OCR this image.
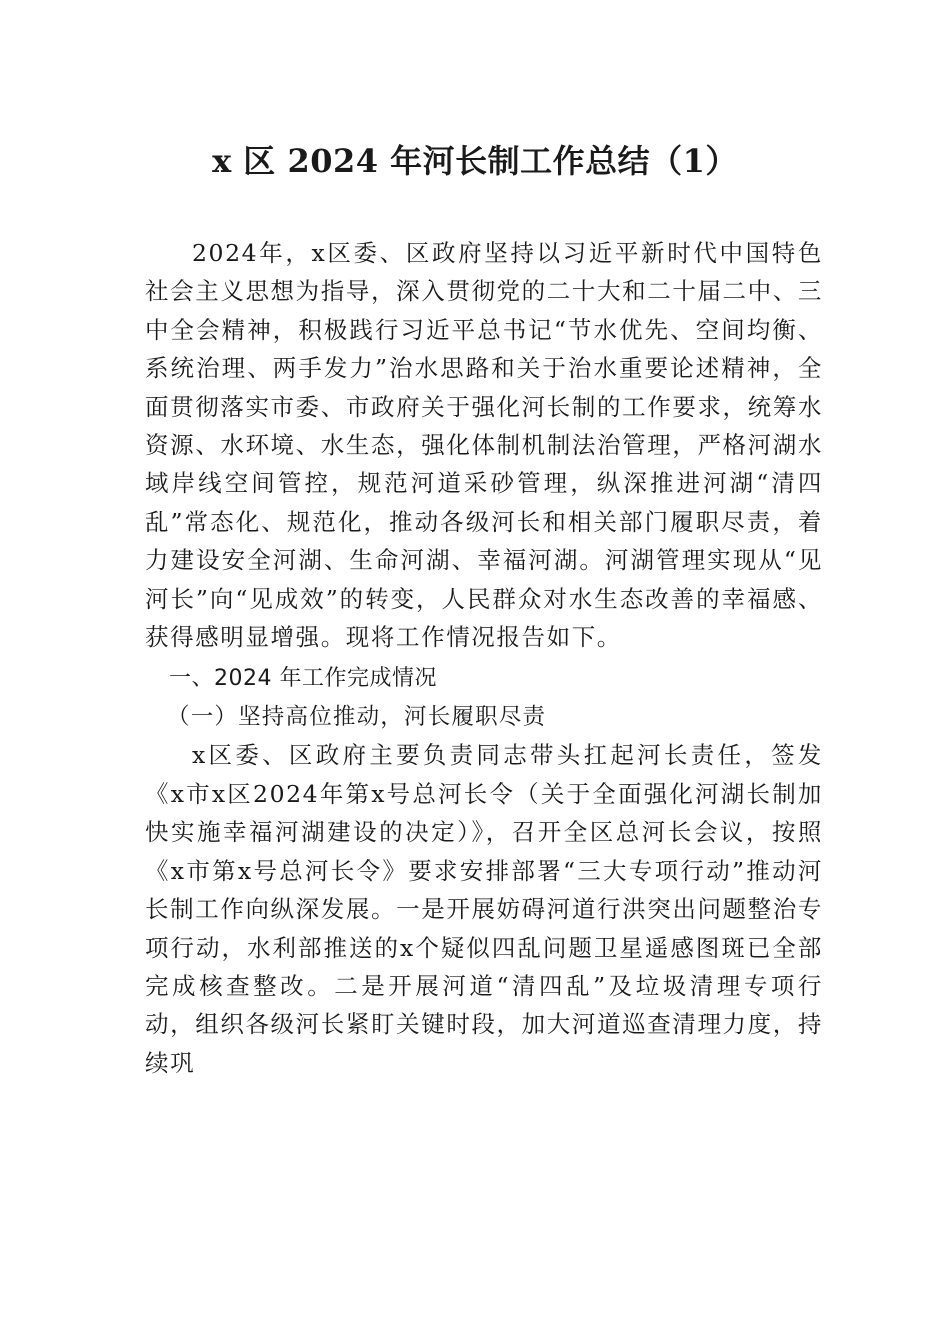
x 区 2024 年河长制工作总结（1）

2024年，x区委、区政府坚持以习近平新时代中国特色社会主义思想为指导，深入贯彻党的二十大和二十届二中、三中全会精神，积极践行习近平总书记“节水优先、空间均衡、系统治理、两手发力”治水思路和关于治水重要论述精神，全面贯彻落实市委、市政府关于强化河长制的工作要求，统筹水资源、水环境、水生态，强化体制机制法治管理，严格河湖水域岸线空间管控，规范河道采砂管理，纵深推进河湖“清四乱”常态化、规范化，推动各级河长和相关部门履职尽责，着力建设安全河湖、生命河湖、幸福河湖。河湖管理实现从“见河长”向“见成效”的转变，人民群众对水生态改善的幸福感、获得感明显增强。现将工作情况报告如下。

一、2024 年工作完成情况

（一）坚持高位推动，河长履职尽责

x区委、区政府主要负责同志带头扛起河长责任，签发《x市x区2024年第x号总河长令（关于全面强化河湖长制加快实施幸福河湖建设的决定）》，召开全区总河长会议，按照《x市第x号总河长令》要求安排部署“三大专项行动”推动河长制工作向纵深发展。一是开展妨碍河道行洪突出问题整治专项行动，水利部推送的x个疑似四乱问题卫星遥感图斑已全部完成核查整改。二是开展河道“清四乱”及垃圾清理专项行动，组织各级河长紧盯关键时段，加大河道巡查清理力度，持续巩
